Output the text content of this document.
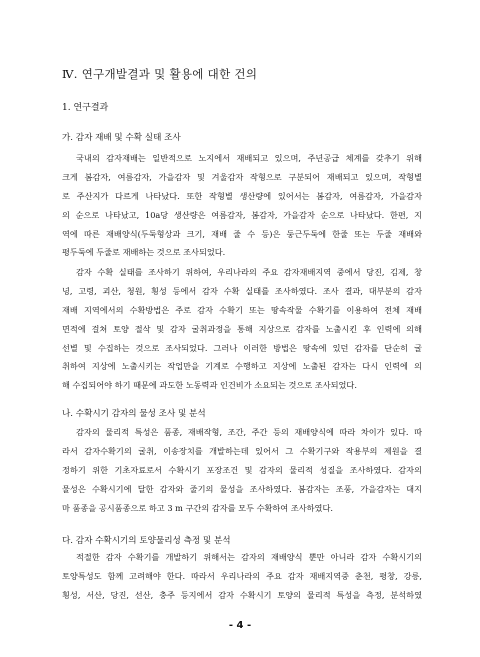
Ⅳ. 연구개발결과 및 활용에 대한 건의
1. 연구결과
가. 감자 재배 및 수확 실태 조사
국내의 감자재배는 일반적으로 노지에서 재배되고 있으며, 주년공급 체계를 갖추기 위해
크게 봄감자, 여름감자, 가을감자 및 겨울감자 작형으로 구분되어 재배되고 있으며, 작형별
로 주산지가 다르게 나타났다. 또한 작형별 생산량에 있어서는 봄감자, 여름감자, 가을감자
의 순으로 나타났고, 10a당 생산량은 여름감자, 봄감자, 가을감자 순으로 나타났다. 한편, 지
역에 따른 재배양식(두둑형상과 크기, 재배 줄 수 등)은 둥근두둑에 한줄 또는 두줄 재배와
평두둑에 두줄로 재배하는 것으로 조사되었다.
감자 수확 실태를 조사하기 위하여, 우리나라의 주요 감자재배지역 중에서 당진, 김제, 창
녕, 고령, 괴산, 청원, 횡성 등에서 감자 수확 실태를 조사하였다. 조사 결과, 대부분의 감자
재배 지역에서의 수확방법은 주로 감자 수확기 또는 땅속작물 수확기를 이용하여 전체 재배
면적에 걸쳐 토양 절삭 및 감자 굴취과정을 통해 지상으로 감자를 노출시킨 후 인력에 의해
선별 및 수집하는 것으로 조사되었다. 그러나 이러한 방법은 땅속에 있던 감자를 단순히 굴
취하여 지상에 노출시키는 작업만을 기계로 수행하고 지상에 노출된 감자는 다시 인력에 의
해 수집되어야 하기 때문에 과도한 노동력과 인건비가 소요되는 것으로 조사되었다.
나. 수확시기 감자의 물성 조사 및 분석
감자의 물리적 특성은 품종, 재배작형, 조간, 주간 등의 재배양식에 따라 차이가 있다. 따
라서 감자수확기의 굴취, 이송장치를 개발하는데 있어서 그 수확기구와 작용부의 제원을 결
정하기 위한 기초자료로서 수확시기 포장조건 및 감자의 물리적 성질을 조사하였다. 감자의
물성은 수확시기에 달한 감자와 줄기의 물성을 조사하였다. 봄감자는 조풍, 가을감자는 대지
마 품종을 공시품종으로 하고 3 m 구간의 감자를 모두 수확하여 조사하였다.
다. 감자 수확시기의 토양물리성 측정 및 분석
적절한 감자 수확기를 개발하기 위해서는 감자의 재배양식 뿐만 아니라 감자 수확시기의
토양특성도 함께 고려해야 한다. 따라서 우리나라의 주요 감자 재배지역중 춘천, 평창, 강릉,
횡성, 서산, 당진, 선산, 충주 등지에서 감자 수확시기 토양의 물리적 특성을 측정, 분석하였
- 4 -
